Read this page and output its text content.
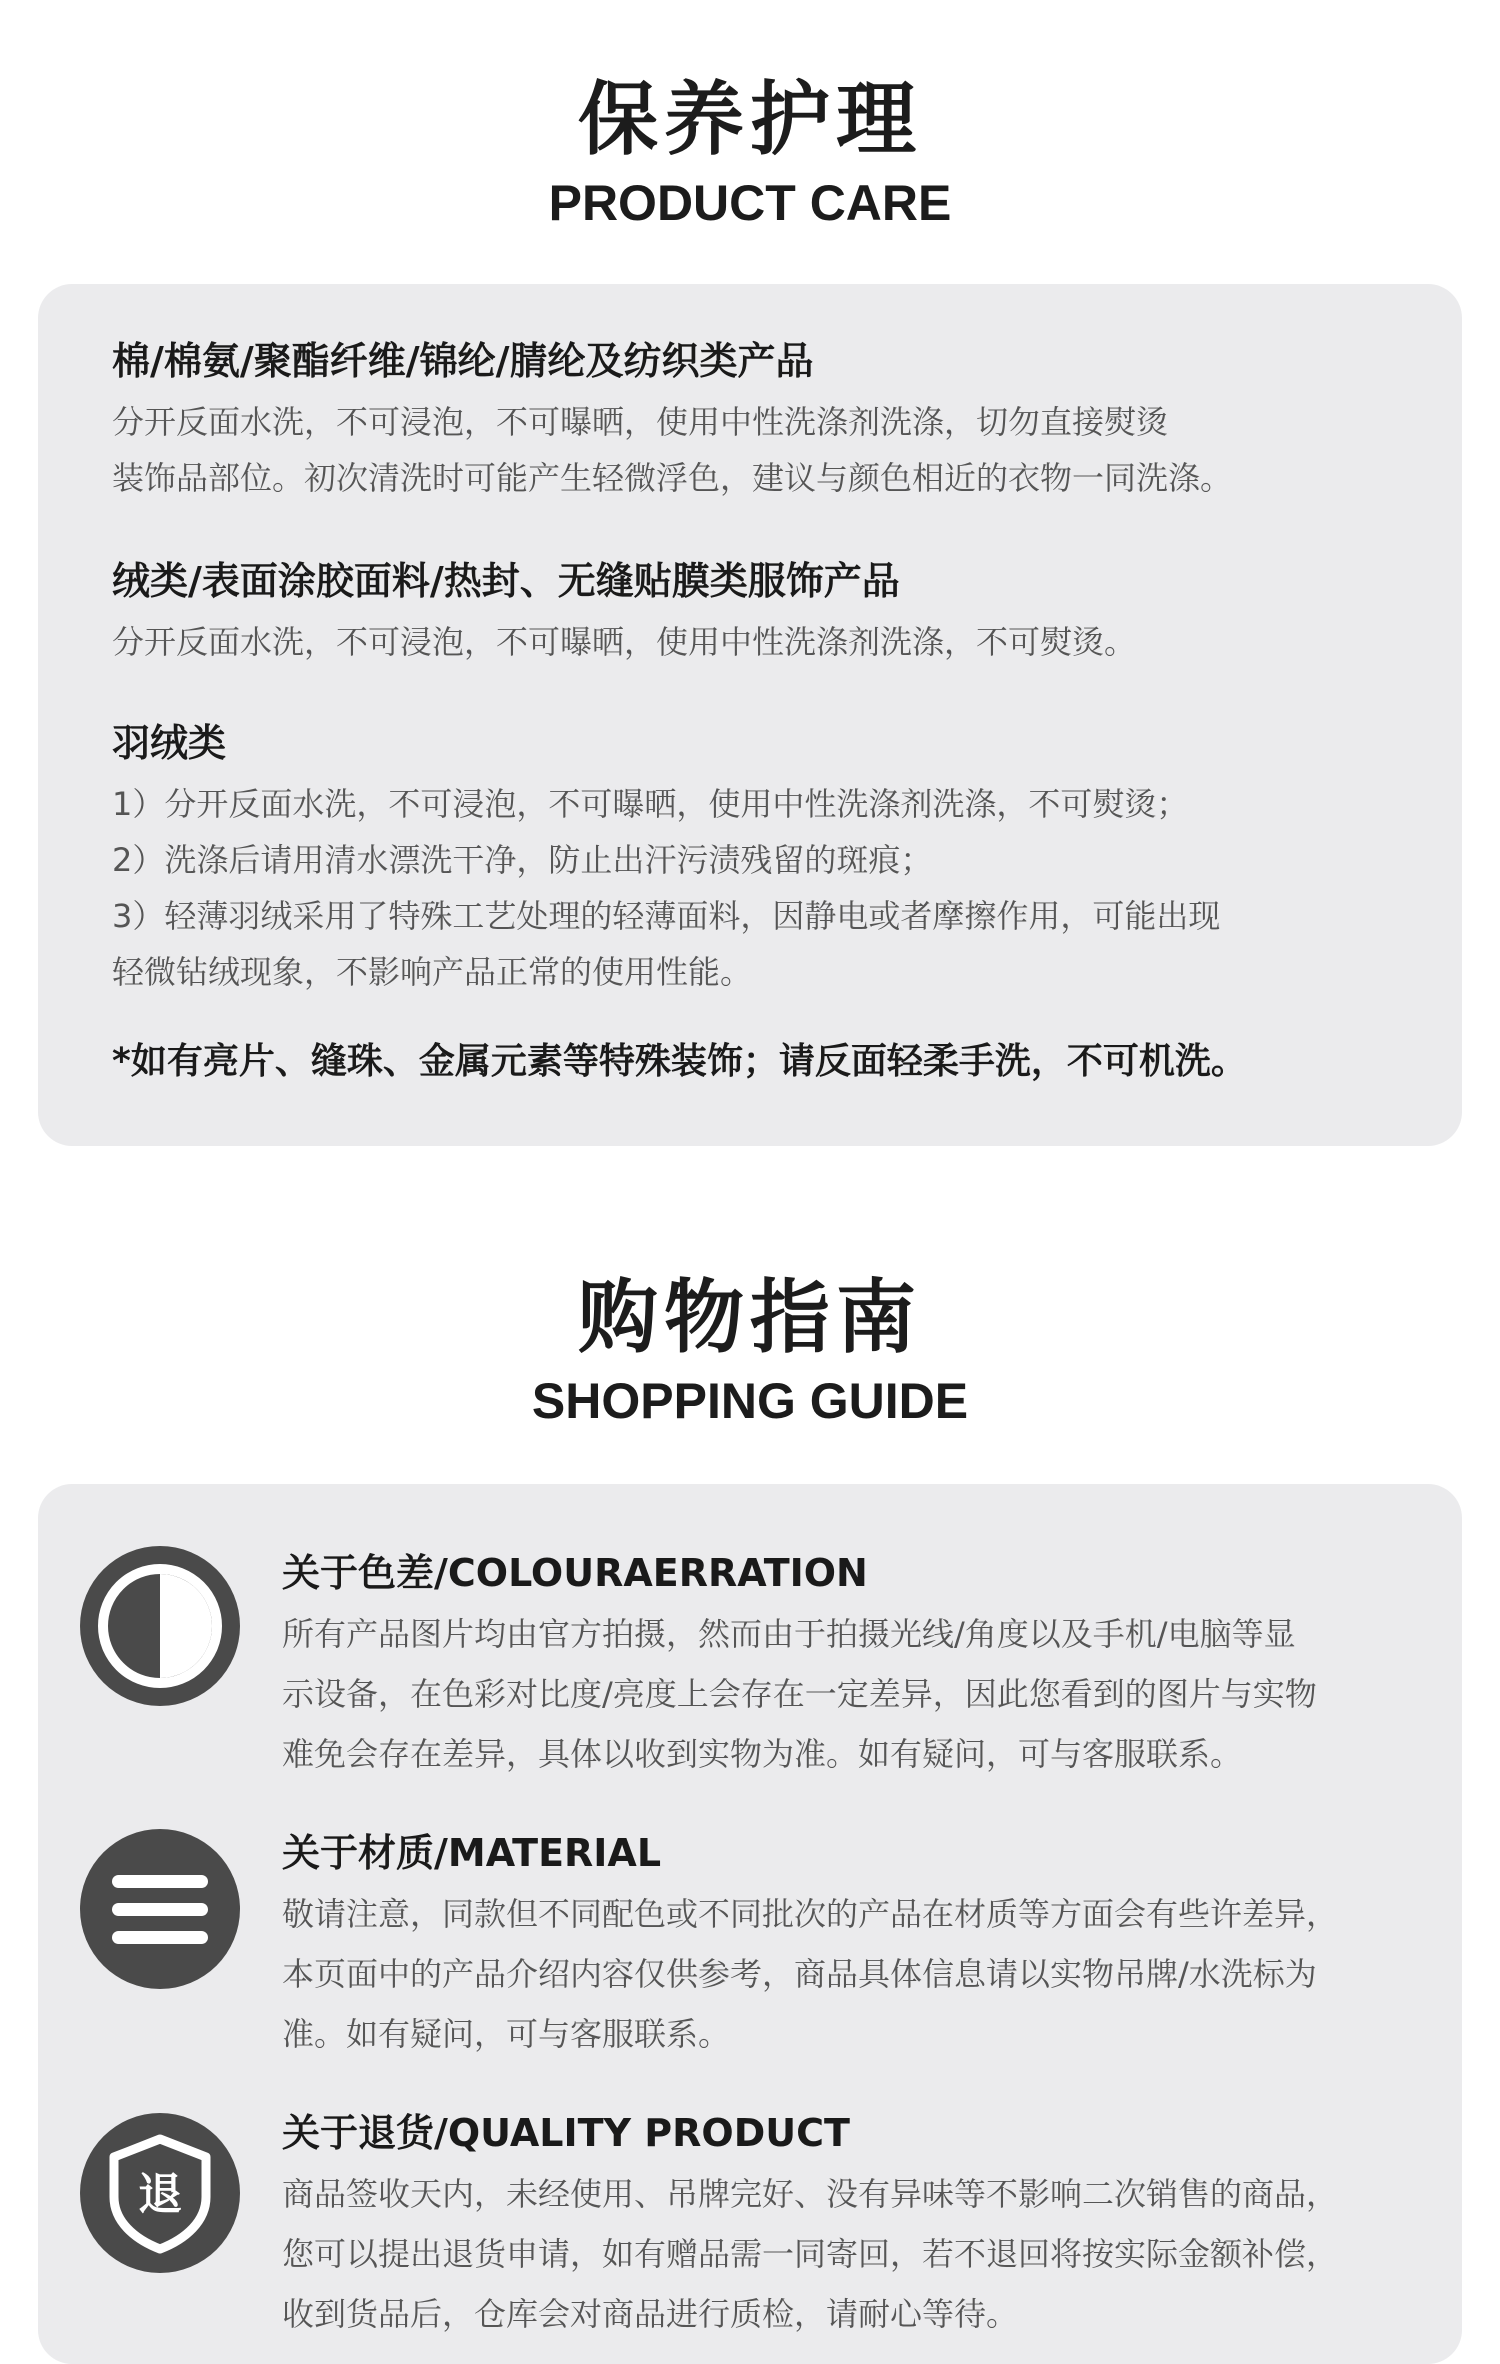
保养护理
PRODUCT CARE
棉/棉氨/聚酯纤维/锦纶/腈纶及纺织类产品
分开反面水洗，不可浸泡，不可曝晒，使用中性洗涤剂洗涤，切勿直接熨烫
装饰品部位。初次清洗时可能产生轻微浮色，建议与颜色相近的衣物一同洗涤。
绒类/表面涂胶面料/热封、无缝贴膜类服饰产品
分开反面水洗，不可浸泡，不可曝晒，使用中性洗涤剂洗涤，不可熨烫。
羽绒类
1）分开反面水洗，不可浸泡，不可曝晒，使用中性洗涤剂洗涤，不可熨烫；
2）洗涤后请用清水漂洗干净，防止出汗污渍残留的斑痕；
3）轻薄羽绒采用了特殊工艺处理的轻薄面料，因静电或者摩擦作用，可能出现
轻微钻绒现象，不影响产品正常的使用性能。
*如有亮片、缝珠、金属元素等特殊装饰；请反面轻柔手洗，不可机洗。
购物指南
SHOPPING GUIDE
关于色差/COLOURAERRATION
所有产品图片均由官方拍摄，然而由于拍摄光线/角度以及手机/电脑等显
示设备，在色彩对比度/亮度上会存在一定差异，因此您看到的图片与实物
难免会存在差异，具体以收到实物为准。如有疑问，可与客服联系。
关于材质/MATERIAL
敬请注意，同款但不同配色或不同批次的产品在材质等方面会有些许差异，
本页面中的产品介绍内容仅供参考，商品具体信息请以实物吊牌/水洗标为
准。如有疑问，可与客服联系。
退
关于退货/QUALITY PRODUCT
商品签收天内，未经使用、吊牌完好、没有异味等不影响二次销售的商品，
您可以提出退货申请，如有赠品需一同寄回，若不退回将按实际金额补偿，
收到货品后，仓库会对商品进行质检，请耐心等待。
